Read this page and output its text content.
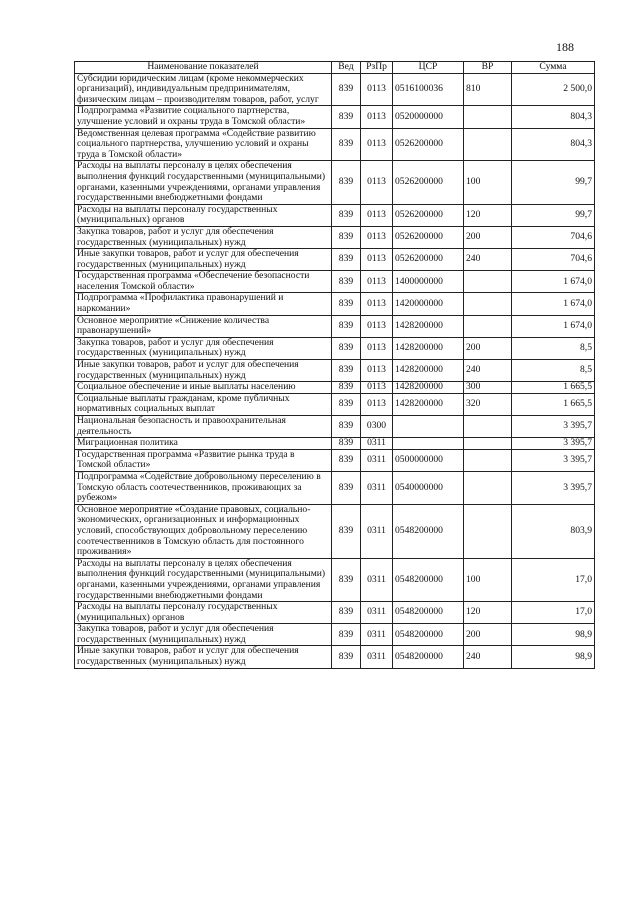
188
Наименование показателей	Вед	РзПр	ЦСР	ВР	Сумма
Субсидии юридическим лицам (кроме некоммерческих организаций), индивидуальным предпринимателям, физическим лицам – производителям товаров, работ, услуг	839	0113	0516100036	810	2 500,0
Подпрограмма «Развитие социального партнерства, улучшение условий и охраны труда в Томской области»	839	0113	0520000000		804,3
Ведомственная целевая программа «Содействие развитию социального партнерства, улучшению условий и охраны труда в Томской области»	839	0113	0526200000		804,3
Расходы на выплаты персоналу в целях обеспечения выполнения функций государственными (муниципальными) органами, казенными учреждениями, органами управления государственными внебюджетными фондами	839	0113	0526200000	100	99,7
Расходы на выплаты персоналу государственных (муниципальных) органов	839	0113	0526200000	120	99,7
Закупка товаров, работ и услуг для обеспечения государственных (муниципальных) нужд	839	0113	0526200000	200	704,6
Иные закупки товаров, работ и услуг для обеспечения государственных (муниципальных) нужд	839	0113	0526200000	240	704,6
Государственная программа «Обеспечение безопасности населения Томской области»	839	0113	1400000000		1 674,0
Подпрограмма «Профилактика правонарушений и наркомании»	839	0113	1420000000		1 674,0
Основное мероприятие «Снижение количества правонарушений»	839	0113	1428200000		1 674,0
Закупка товаров, работ и услуг для обеспечения государственных (муниципальных) нужд	839	0113	1428200000	200	8,5
Иные закупки товаров, работ и услуг для обеспечения государственных (муниципальных) нужд	839	0113	1428200000	240	8,5
Социальное обеспечение и иные выплаты населению	839	0113	1428200000	300	1 665,5
Социальные выплаты гражданам, кроме публичных нормативных социальных выплат	839	0113	1428200000	320	1 665,5
Национальная безопасность и правоохранительная деятельность	839	0300			3 395,7
Миграционная политика	839	0311			3 395,7
Государственная программа «Развитие рынка труда в Томской области»	839	0311	0500000000		3 395,7
Подпрограмма «Содействие добровольному переселению в Томскую область соотечественников, проживающих за рубежом»	839	0311	0540000000		3 395,7
Основное мероприятие «Создание правовых, социально-экономических, организационных и информационных условий, способствующих добровольному переселению соотечественников в Томскую область для постоянного проживания»	839	0311	0548200000		803,9
Расходы на выплаты персоналу в целях обеспечения выполнения функций государственными (муниципальными) органами, казенными учреждениями, органами управления государственными внебюджетными фондами	839	0311	0548200000	100	17,0
Расходы на выплаты персоналу государственных (муниципальных) органов	839	0311	0548200000	120	17,0
Закупка товаров, работ и услуг для обеспечения государственных (муниципальных) нужд	839	0311	0548200000	200	98,9
Иные закупки товаров, работ и услуг для обеспечения государственных (муниципальных) нужд	839	0311	0548200000	240	98,9
